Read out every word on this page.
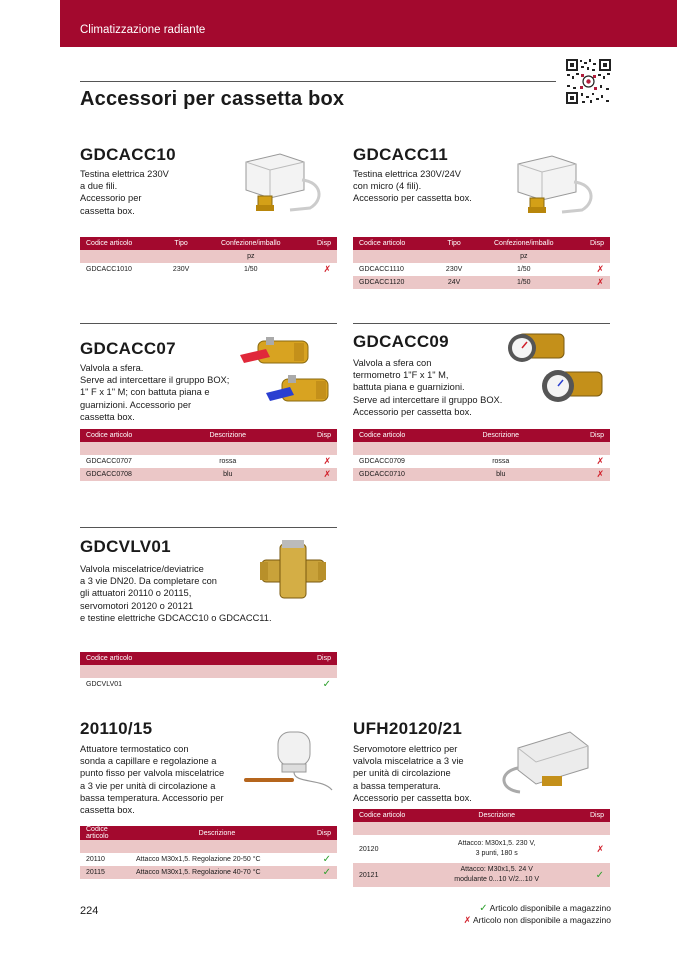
Climatizzazione radiante
Accessori per cassetta box
GDCACC10
Testina elettrica 230V
a due fili.
Accessorio per
cassetta box.
Codice articolo	Tipo	Confezione/imballo	Disp
		pz	
GDCACC1010	230V	1/50	✗
GDCACC11
Testina elettrica 230V/24V
con micro (4 fili).
Accessorio per cassetta box.
Codice articolo	Tipo	Confezione/imballo	Disp
		pz	
GDCACC1110	230V	1/50	✗
GDCACC1120	24V	1/50	✗
GDCACC07
Valvola a sfera.
Serve ad intercettare il gruppo BOX;
1" F x 1" M; con battuta piana e
guarnizioni. Accessorio per
cassetta box.
Codice articolo	Descrizione	Disp

GDCACC0707	rossa	✗
GDCACC0708	blu	✗
GDCACC09
Valvola a sfera con
termometro 1"F x 1" M,
battuta piana e guarnizioni.
Serve ad intercettare il gruppo BOX.
Accessorio per cassetta box.
Codice articolo	Descrizione	Disp

GDCACC0709	rossa	✗
GDCACC0710	blu	✗
GDCVLV01
Valvola miscelatrice/deviatrice
a 3 vie DN20. Da completare con
gli attuatori 20110 o 20115,
servomotori 20120 o 20121
e testine elettriche GDCACC10 o GDCACC11.
Codice articolo	Disp

GDCVLV01	✓
20110/15
Attuatore termostatico con
sonda a capillare e regolazione a
punto fisso per valvola miscelatrice
a 3 vie per unità di circolazione a
bassa temperatura. Accessorio per
cassetta box.
Codice articolo	Descrizione	Disp

20110	Attacco M30x1,5. Regolazione 20-50 °C	✓
20115	Attacco M30x1,5. Regolazione 40-70 °C	✓
UFH20120/21
Servomotore elettrico per
valvola miscelatrice a 3 vie
per unità di circolazione
a bassa temperatura.
Accessorio per cassetta box.
Codice articolo	Descrizione	Disp

20120	Attacco: M30x1,5. 230 V,
3 punti, 180 s	✗
20121	Attacco: M30x1,5. 24 V
modulante 0...10 V/2...10 V	✓
224	✓ Articolo disponibile a magazzino
✗ Articolo non disponibile a magazzino
